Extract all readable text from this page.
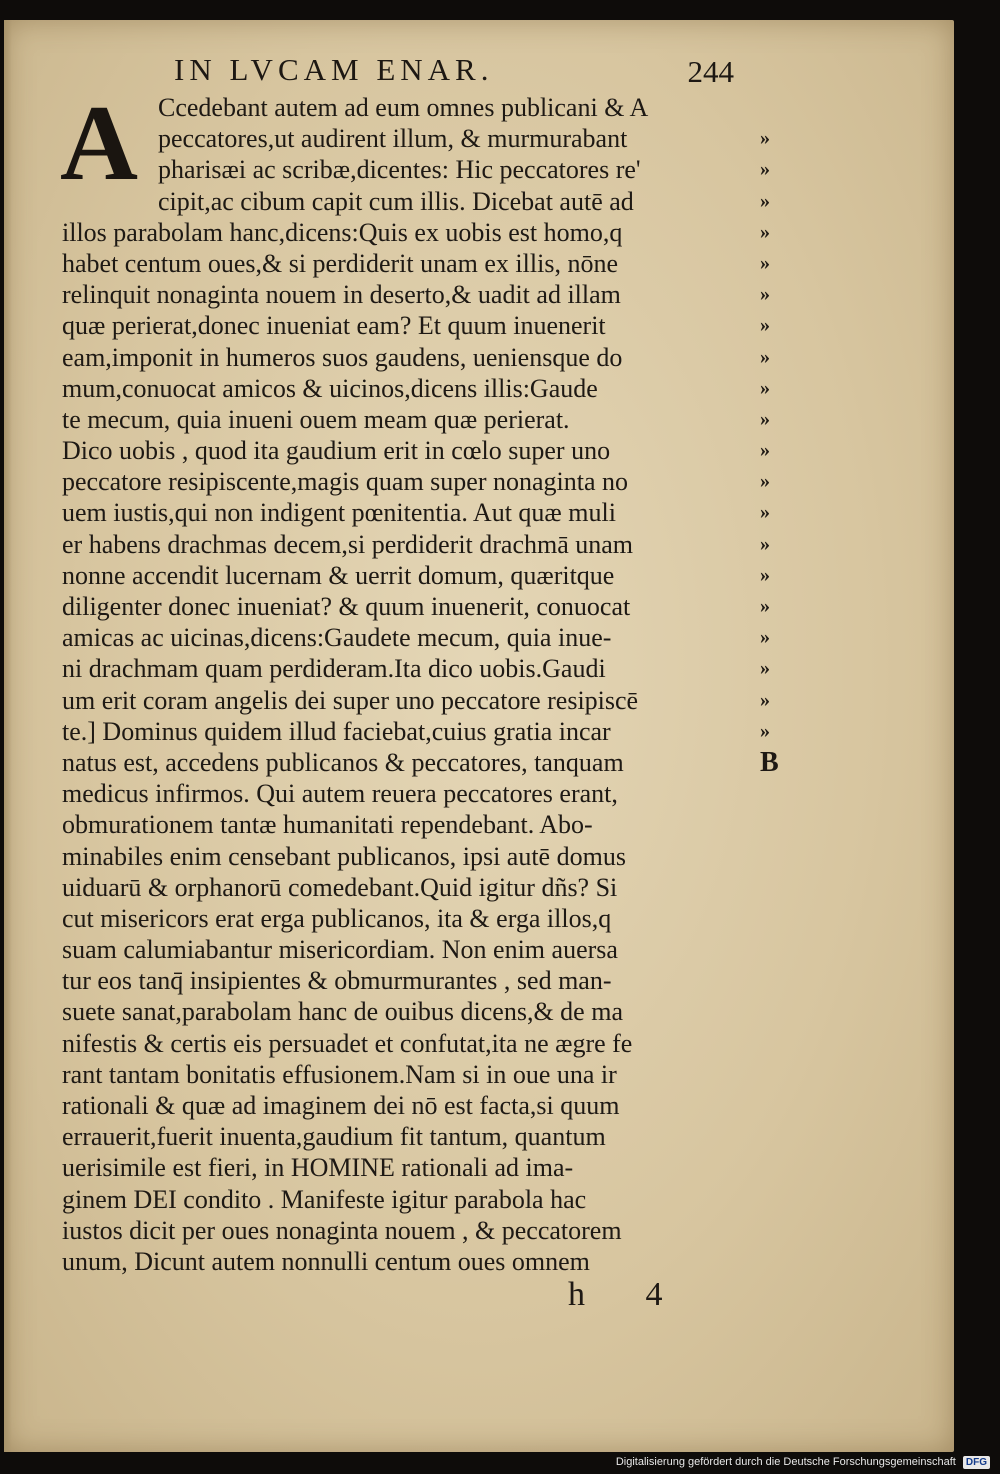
IN LVCAM ENAR.	244
A Ccedebant autem ad eum omnes publicani & A
peccatores,ut audirent illum, & murmurabant
pharisæi ac scribæ,dicentes: Hic peccatores re'
cipit,ac cibum capit cum illis. Dicebat autē ad
illos parabolam hanc,dicens:Quis ex uobis est homo,q
habet centum oues,& si perdiderit unam ex illis, nōne
relinquit nonaginta nouem in deserto,& uadit ad illam
quæ perierat,donec inueniat eam? Et quum inuenerit
eam,imponit in humeros suos gaudens, ueniensque do
mum,conuocat amicos & uicinos,dicens illis:Gaude
te mecum, quia inueni ouem meam quæ perierat.
Dico uobis , quod ita gaudium erit in cœlo super uno
peccatore resipiscente,magis quam super nonaginta no
uem iustis,qui non indigent pœnitentia. Aut quæ muli
er habens drachmas decem,si perdiderit drachmā unam
nonne accendit lucernam & uerrit domum, quæritque
diligenter donec inueniat? & quum inuenerit, conuocat
amicas ac uicinas,dicens:Gaudete mecum, quia inue-
ni drachmam quam perdideram.Ita dico uobis.Gaudi
um erit coram angelis dei super uno peccatore resipiscē
te.] Dominus quidem illud faciebat,cuius gratia incar
natus est, accedens publicanos & peccatores, tanquam
medicus infirmos. Qui autem reuera peccatores erant,
obmurationem tantæ humanitati rependebant. Abo-
minabiles enim censebant publicanos, ipsi autē domus
uiduarū & orphanorū comedebant.Quid igitur dñs? Si
cut misericors erat erga publicanos, ita & erga illos,q
suam calumiabantur misericordiam. Non enim auersa
tur eos tanq̄ insipientes & obmurmurantes , sed man-
suete sanat,parabolam hanc de ouibus dicens,& de ma
nifestis & certis eis persuadet et confutat,ita ne ægre fe
rant tantam bonitatis effusionem.Nam si in oue una ir
rationali & quæ ad imaginem dei nō est facta,si quum
errauerit,fuerit inuenta,gaudium fit tantum, quantum
uerisimile est fieri, in HOMINE rationali ad ima-
ginem DEI condito . Manifeste igitur parabola hac
iustos dicit per oues nonaginta nouem , & peccatorem
unum, Dicunt autem nonnulli centum oues omnem
»
»
»
»
»
»
»
»
»
»
»
»
»
»
»
»
»
»
»
»
B
h 4
Digitalisierung gefördert durch die Deutsche Forschungsgemeinschaft DFG
